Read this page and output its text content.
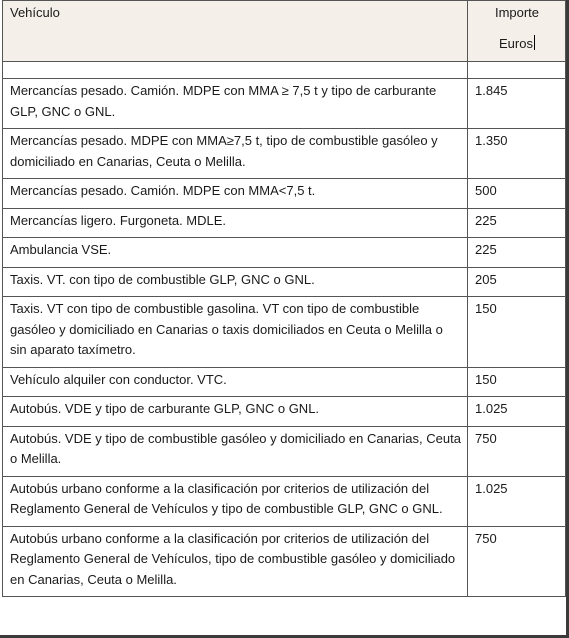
Vehículo	Importe
Euros

Mercancías pesado. Camión. MDPE con MMA ≥ 7,5 t y tipo de carburante GLP, GNC o GNL.	1.845
Mercancías pesado. MDPE con MMA≥7,5 t, tipo de combustible gasóleo y domiciliado en Canarias, Ceuta o Melilla.	1.350
Mercancías pesado. Camión. MDPE con MMA<7,5 t.	500
Mercancías ligero. Furgoneta. MDLE.	225
Ambulancia VSE.	225
Taxis. VT. con tipo de combustible GLP, GNC o GNL.	205
Taxis. VT con tipo de combustible gasolina. VT con tipo de combustible gasóleo y domiciliado en Canarias o taxis domiciliados en Ceuta o Melilla o sin aparato taxímetro.	150
Vehículo alquiler con conductor. VTC.	150
Autobús. VDE y tipo de carburante GLP, GNC o GNL.	1.025
Autobús. VDE y tipo de combustible gasóleo y domiciliado en Canarias, Ceuta o Melilla.	750
Autobús urbano conforme a la clasificación por criterios de utilización del Reglamento General de Vehículos y tipo de combustible GLP, GNC o GNL.	1.025
Autobús urbano conforme a la clasificación por criterios de utilización del Reglamento General de Vehículos, tipo de combustible gasóleo y domiciliado en Canarias, Ceuta o Melilla.	750
